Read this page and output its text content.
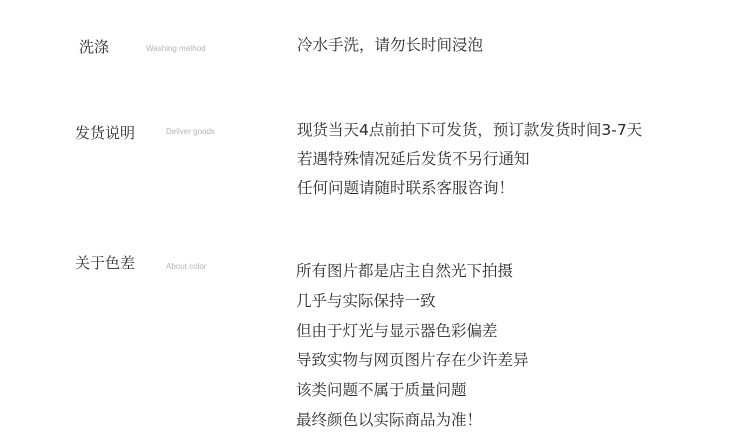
洗涤	Washing method	冷水手洗，请勿长时间浸泡
发货说明	Deliver goods	现货当天4点前拍下可发货，预订款发货时间3-7天
若遇特殊情况延后发货不另行通知
任何问题请随时联系客服咨询！
关于色差	About color	所有图片都是店主自然光下拍摄
几乎与实际保持一致
但由于灯光与显示器色彩偏差
导致实物与网页图片存在少许差异
该类问题不属于质量问题
最终颜色以实际商品为准！
